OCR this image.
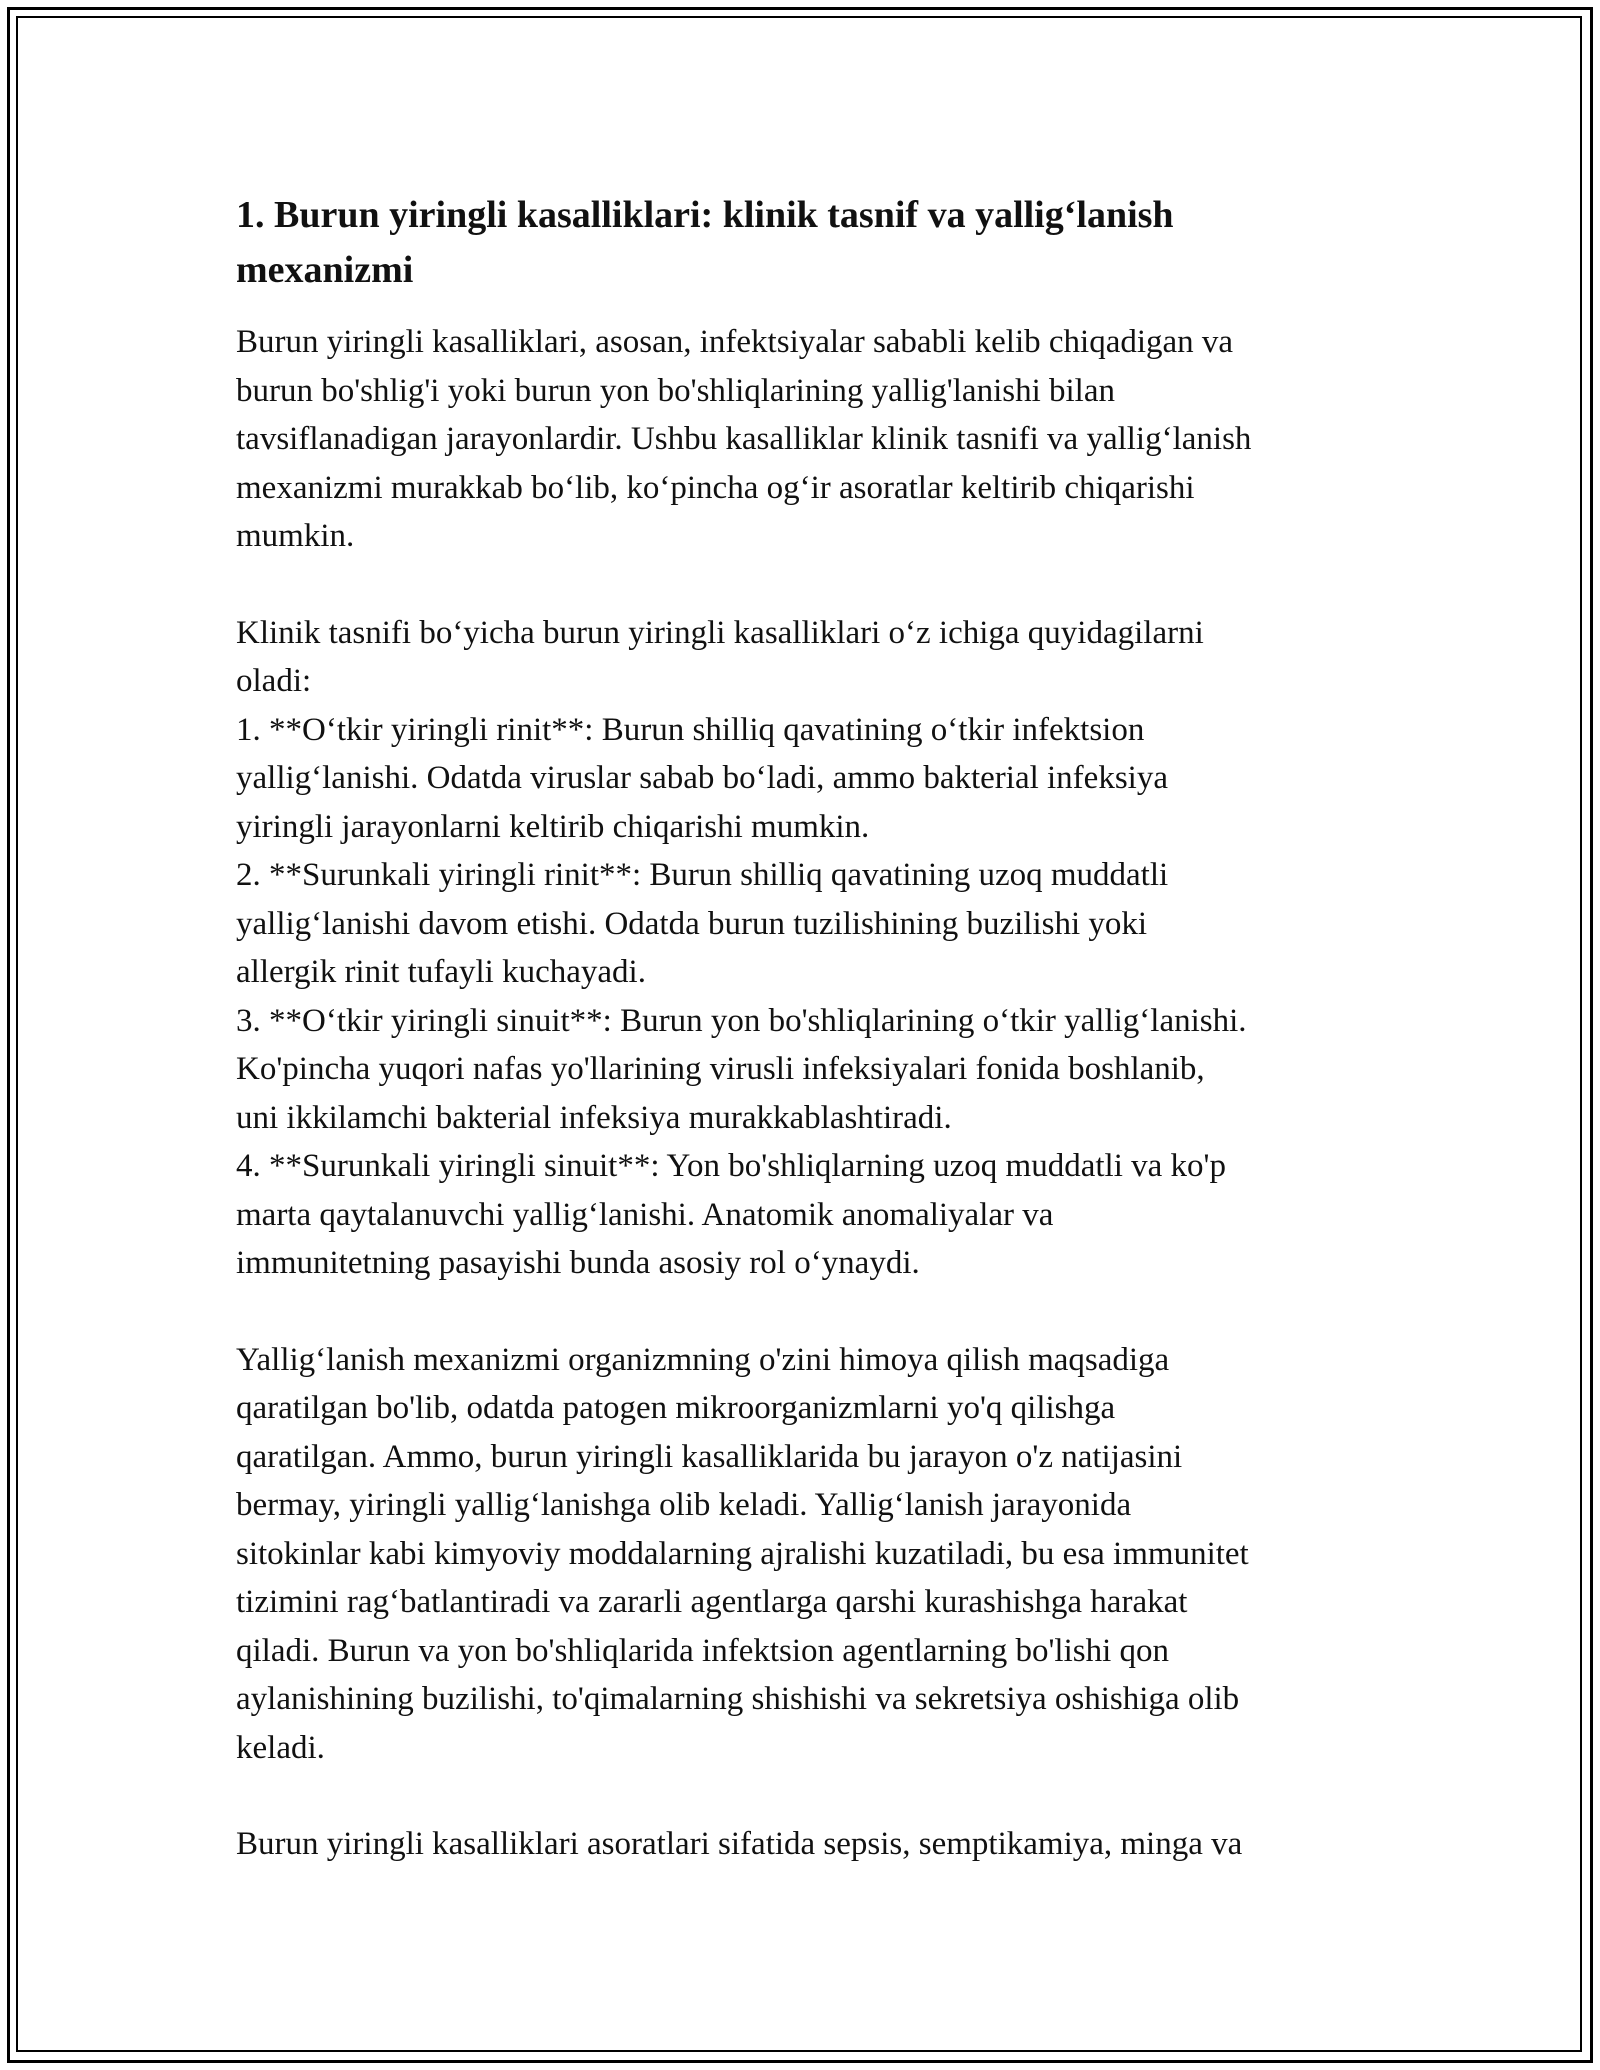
1. Burun yiringli kasalliklari: klinik tasnif va yallig‘lanish
mexanizmi
Burun yiringli kasalliklari, asosan, infektsiyalar sababli kelib chiqadigan va
burun bo'shlig'i yoki burun yon bo'shliqlarining yallig'lanishi bilan
tavsiflanadigan jarayonlardir. Ushbu kasalliklar klinik tasnifi va yallig‘lanish
mexanizmi murakkab bo‘lib, ko‘pincha og‘ir asoratlar keltirib chiqarishi
mumkin.
Klinik tasnifi bo‘yicha burun yiringli kasalliklari o‘z ichiga quyidagilarni
oladi:
1. **O‘tkir yiringli rinit**: Burun shilliq qavatining o‘tkir infektsion
yallig‘lanishi. Odatda viruslar sabab bo‘ladi, ammo bakterial infeksiya
yiringli jarayonlarni keltirib chiqarishi mumkin.
2. **Surunkali yiringli rinit**: Burun shilliq qavatining uzoq muddatli
yallig‘lanishi davom etishi. Odatda burun tuzilishining buzilishi yoki
allergik rinit tufayli kuchayadi.
3. **O‘tkir yiringli sinuit**: Burun yon bo'shliqlarining o‘tkir yallig‘lanishi.
Ko'pincha yuqori nafas yo'llarining virusli infeksiyalari fonida boshlanib,
uni ikkilamchi bakterial infeksiya murakkablashtiradi.
4. **Surunkali yiringli sinuit**: Yon bo'shliqlarning uzoq muddatli va ko'p
marta qaytalanuvchi yallig‘lanishi. Anatomik anomaliyalar va
immunitetning pasayishi bunda asosiy rol o‘ynaydi.
Yallig‘lanish mexanizmi organizmning o'zini himoya qilish maqsadiga
qaratilgan bo'lib, odatda patogen mikroorganizmlarni yo'q qilishga
qaratilgan. Ammo, burun yiringli kasalliklarida bu jarayon o'z natijasini
bermay, yiringli yallig‘lanishga olib keladi. Yallig‘lanish jarayonida
sitokinlar kabi kimyoviy moddalarning ajralishi kuzatiladi, bu esa immunitet
tizimini rag‘batlantiradi va zararli agentlarga qarshi kurashishga harakat
qiladi. Burun va yon bo'shliqlarida infektsion agentlarning bo'lishi qon
aylanishining buzilishi, to'qimalarning shishishi va sekretsiya oshishiga olib
keladi.
Burun yiringli kasalliklari asoratlari sifatida sepsis, semptikamiya, minga va
